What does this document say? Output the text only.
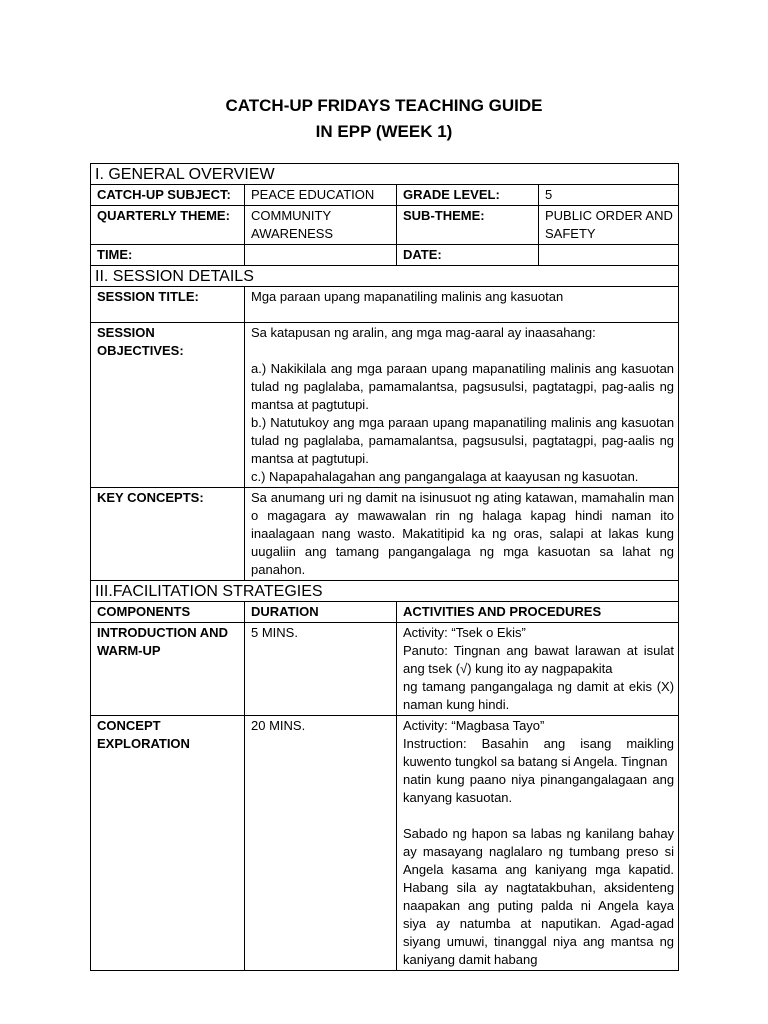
CATCH-UP FRIDAYS TEACHING GUIDE
IN EPP (WEEK 1)
I. GENERAL OVERVIEW			
CATCH-UP SUBJECT:	PEACE EDUCATION	GRADE LEVEL:	5
QUARTERLY THEME:	COMMUNITY AWARENESS	SUB-THEME:	PUBLIC ORDER AND SAFETY
TIME:		DATE:	
II. SESSION DETAILS			
SESSION TITLE:	Mga paraan upang mapanatiling malinis ang kasuotan		
SESSION OBJECTIVES:	Sa katapusan ng aralin, ang mga mag-aaral ay inaasahang:

a.) Nakikilala ang mga paraan upang mapanatiling malinis ang kasuotan tulad ng paglalaba, pamamalantsa, pagsusulsi, pagtatagpi, pag-aalis ng mantsa at pagtutupi.

b.) Natutukoy ang mga paraan upang mapanatiling malinis ang kasuotan tulad ng paglalaba, pamamalantsa, pagsusulsi, pagtatagpi, pag-aalis ng mantsa at pagtutupi.

c.) Napapahalagahan ang pangangalaga at kaayusan ng kasuotan.		

KEY CONCEPTS:	Sa anumang uri ng damit na isinusuot ng ating katawan, mamahalin man o magagara ay mawawalan rin ng halaga kapag hindi naman ito inaalagaan nang wasto. Makatitipid ka ng oras, salapi at lakas kung uugaliin ang tamang pangangalaga ng mga kasuotan sa lahat ng panahon.		
III.FACILITATION STRATEGIES			
COMPONENTS	DURATION	ACTIVITIES AND PROCEDURES	
INTRODUCTION AND WARM-UP	5 MINS.	Activity: “Tsek o Ekis”

Panuto: Tingnan ang bawat larawan at isulat ang tsek (√) kung ito ay nagpapakita

ng tamang pangangalaga ng damit at ekis (X) naman kung hindi.	

CONCEPT EXPLORATION	20 MINS.	Activity: “Magbasa Tayo”

Instruction: Basahin ang isang maikling kuwento tungkol sa batang si Angela. Tingnan

natin kung paano niya pinangangalagaan ang kanyang kasuotan.

Sabado ng hapon sa labas ng kanilang bahay ay masayang naglalaro ng tumbang preso si Angela kasama ang kaniyang mga kapatid. Habang sila ay nagtatakbuhan, aksidenteng naapakan ang puting palda ni Angela kaya siya ay natumba at naputikan. Agad-agad siyang umuwi, tinanggal niya ang mantsa ng kaniyang damit habang	
